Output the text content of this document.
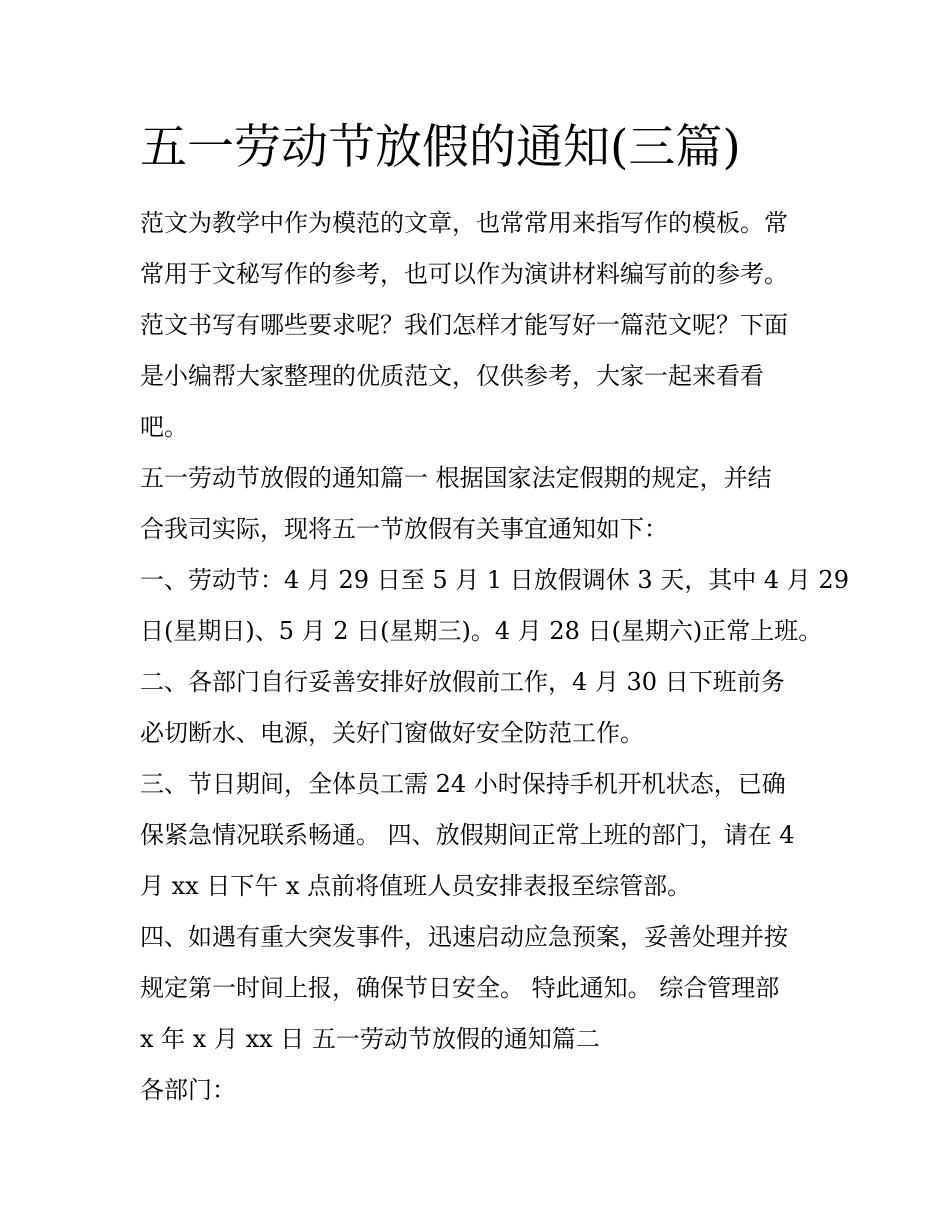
五一劳动节放假的通知(三篇)
范文为教学中作为模范的文章，也常常用来指写作的模板。常
常用于文秘写作的参考，也可以作为演讲材料编写前的参考。
范文书写有哪些要求呢？我们怎样才能写好一篇范文呢？下面
是小编帮大家整理的优质范文，仅供参考，大家一起来看看
吧。
五一劳动节放假的通知篇一 根据国家法定假期的规定，并结
合我司实际，现将五一节放假有关事宜通知如下：
一、劳动节：4 月 29 日至 5 月 1 日放假调休 3 天，其中 4 月 29
日(星期日)、5 月 2 日(星期三)。4 月 28 日(星期六)正常上班。
二、各部门自行妥善安排好放假前工作，4 月 30 日下班前务
必切断水、电源，关好门窗做好安全防范工作。
三、节日期间，全体员工需 24 小时保持手机开机状态，已确
保紧急情况联系畅通。 四、放假期间正常上班的部门，请在 4
月 xx 日下午 x 点前将值班人员安排表报至综管部。
四、如遇有重大突发事件，迅速启动应急预案，妥善处理并按
规定第一时间上报，确保节日安全。 特此通知。 综合管理部
x 年 x 月 xx 日 五一劳动节放假的通知篇二
各部门：
